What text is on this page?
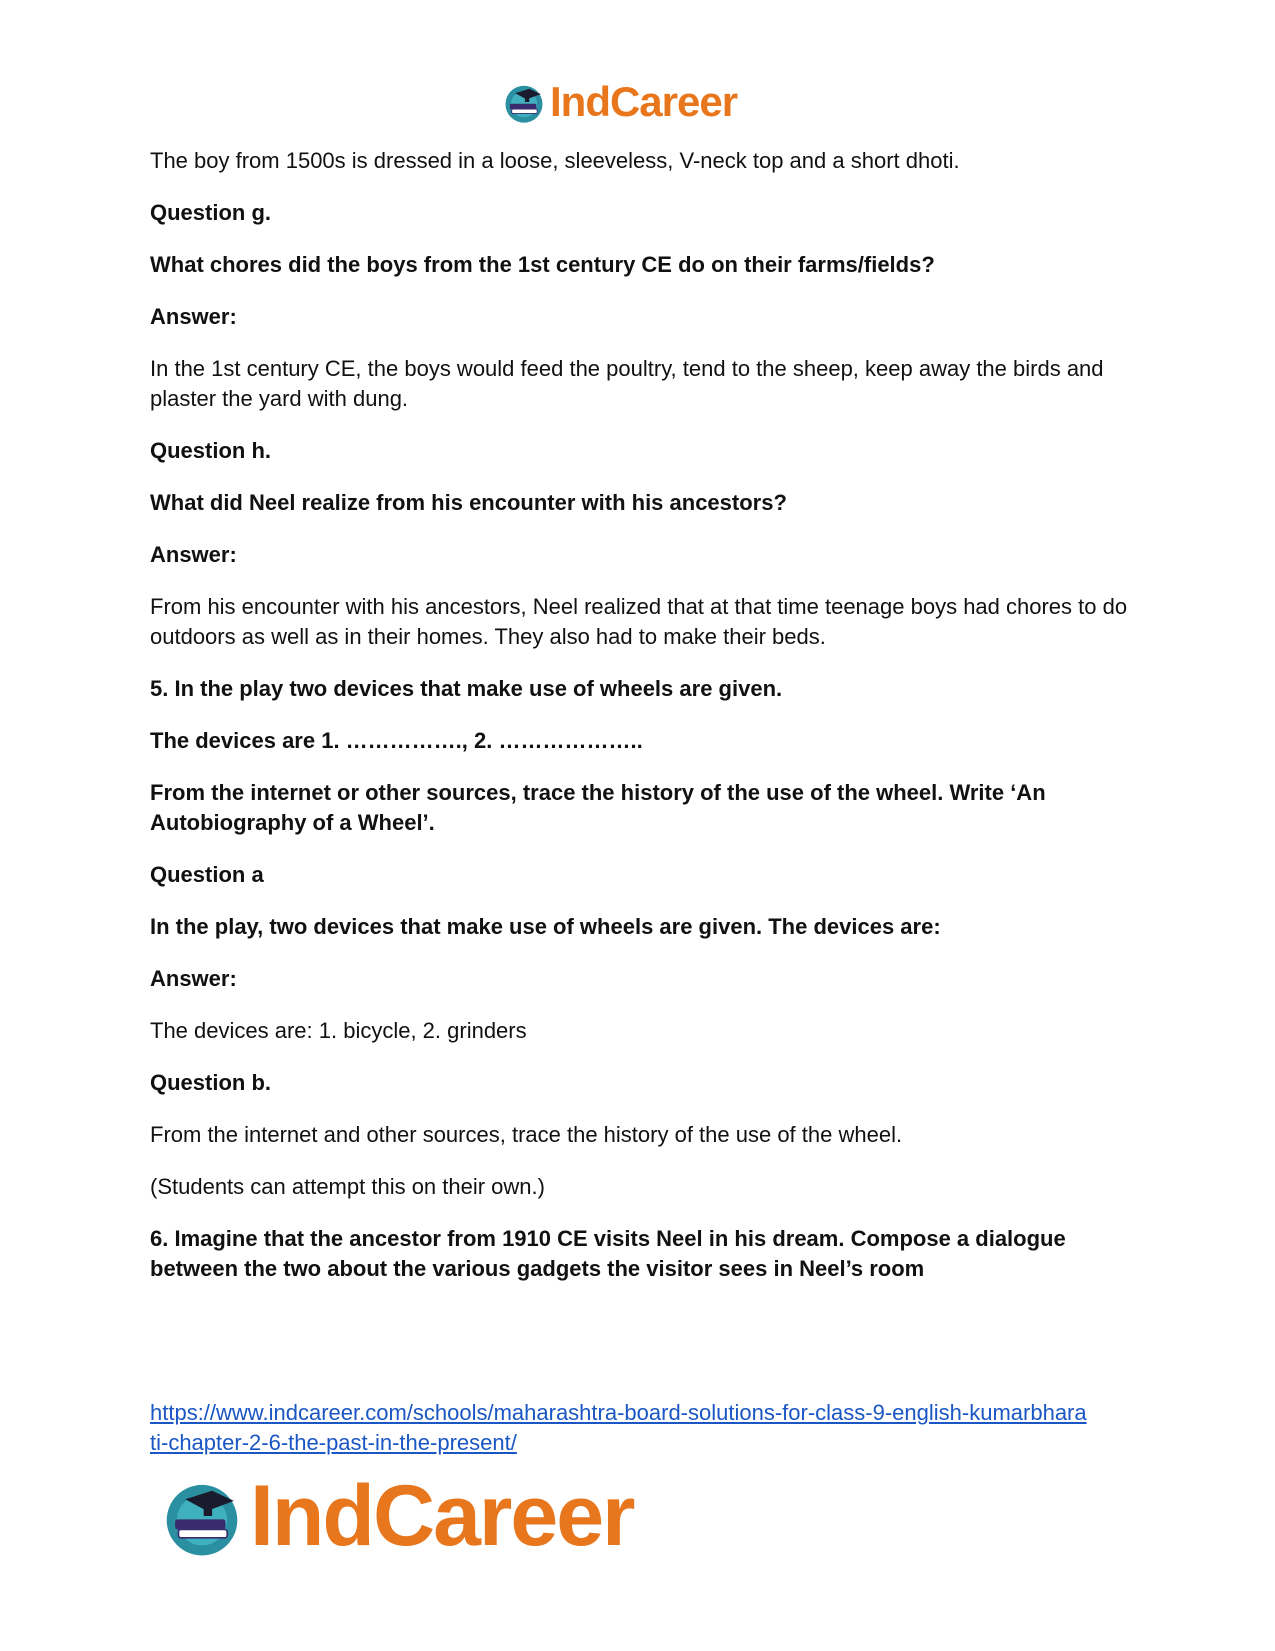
IndCareer

The boy from 1500s is dressed in a loose, sleeveless, V-neck top and a short dhoti.

Question g.

What chores did the boys from the 1st century CE do on their farms/fields?

Answer:

In the 1st century CE, the boys would feed the poultry, tend to the sheep, keep away the birds and plaster the yard with dung.

Question h.

What did Neel realize from his encounter with his ancestors?

Answer:

From his encounter with his ancestors, Neel realized that at that time teenage boys had chores to do outdoors as well as in their homes. They also had to make their beds.

5. In the play two devices that make use of wheels are given.

The devices are 1. ……………., 2. ………………..

From the internet or other sources, trace the history of the use of the wheel. Write ‘An Autobiography of a Wheel’.

Question a

In the play, two devices that make use of wheels are given. The devices are:

Answer:

The devices are: 1. bicycle, 2. grinders

Question b.

From the internet and other sources, trace the history of the use of the wheel.

(Students can attempt this on their own.)

6. Imagine that the ancestor from 1910 CE visits Neel in his dream. Compose a dialogue between the two about the various gadgets the visitor sees in Neel’s room

https://www.indcareer.com/schools/maharashtra-board-solutions-for-class-9-english-kumarbhara
ti-chapter-2-6-the-past-in-the-present/
IndCareer
